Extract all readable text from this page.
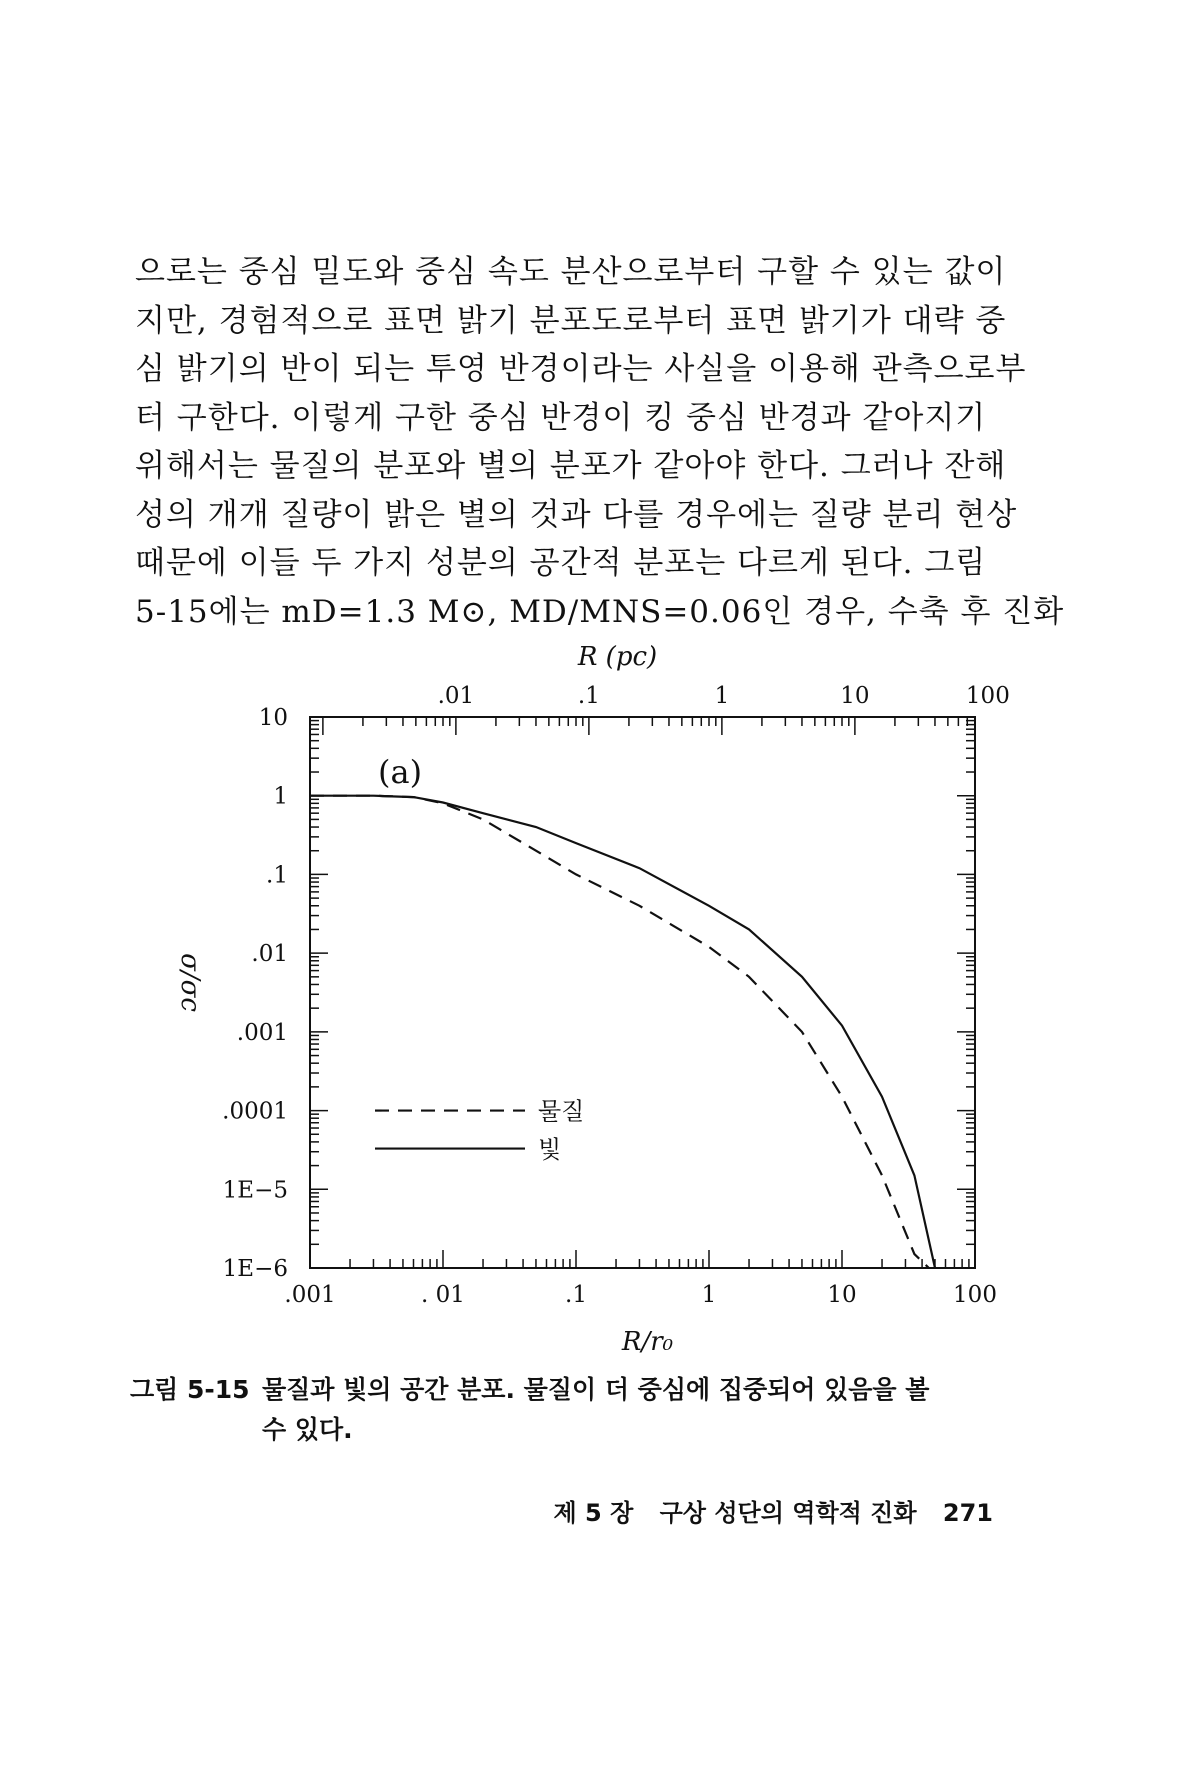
으로는 중심 밀도와 중심 속도 분산으로부터 구할 수 있는 값이

지만, 경험적으로 표면 밝기 분포도로부터 표면 밝기가 대략 중

심 밝기의 반이 되는 투영 반경이라는 사실을 이용해 관측으로부

터 구한다. 이렇게 구한 중심 반경이 킹 중심 반경과 같아지기

위해서는 물질의 분포와 별의 분포가 같아야 한다. 그러나 잔해

성의 개개 질량이 밝은 별의 것과 다를 경우에는 질량 분리 현상

때문에 이들 두 가지 성분의 공간적 분포는 다르게 된다. 그림

5-15에는 mD=1.3 M⊙, MD/MNS=0.06인 경우, 수축 후 진화

.001	. 01	.1	1	10	100
.01	.1	1	10	100
10
1
.1
.01
.001
.0001
1E−5
1E−6
R/r₀
R (pc)
σ/σc
(a)
물질
빛
그림 5-15 물질과 빛의 공간 분포. 물질이 더 중심에 집중되어 있음을 볼
수 있다.
제 5 장 구상 성단의 역학적 진화 271
